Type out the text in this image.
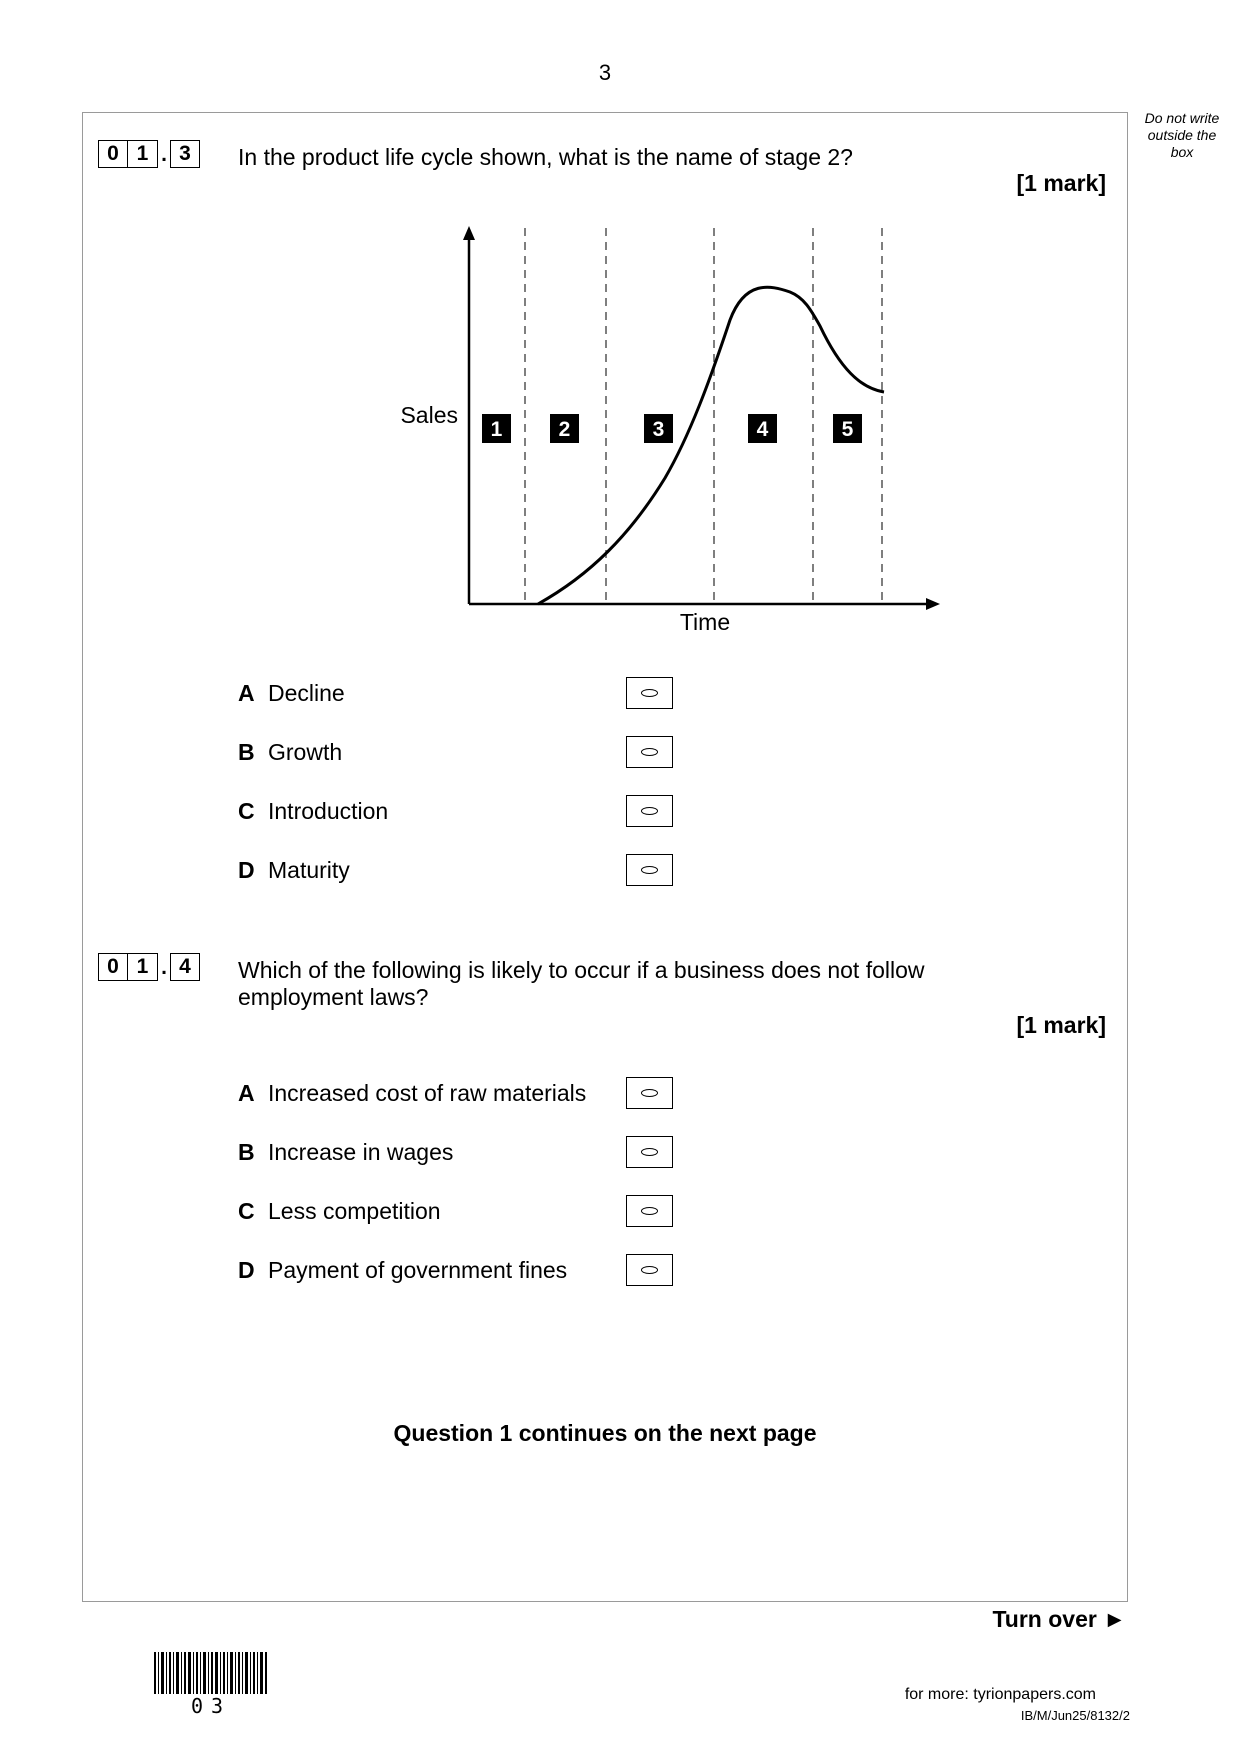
3
Do not write
outside the
box
0 1 . 3	In the product life cycle shown, what is the name of stage 2?
[1 mark]
Sales
Time
1	2	3	4	5
A Decline
B Growth
C Introduction
D Maturity
0 1 . 4	Which of the following is likely to occur if a business does not follow
employment laws?
[1 mark]
A Increased cost of raw materials
B Increase in wages
C Less competition
D Payment of government fines
Question 1 continues on the next page
Turn over ►
03	for more: tyrionpapers.com
IB/M/Jun25/8132/2
